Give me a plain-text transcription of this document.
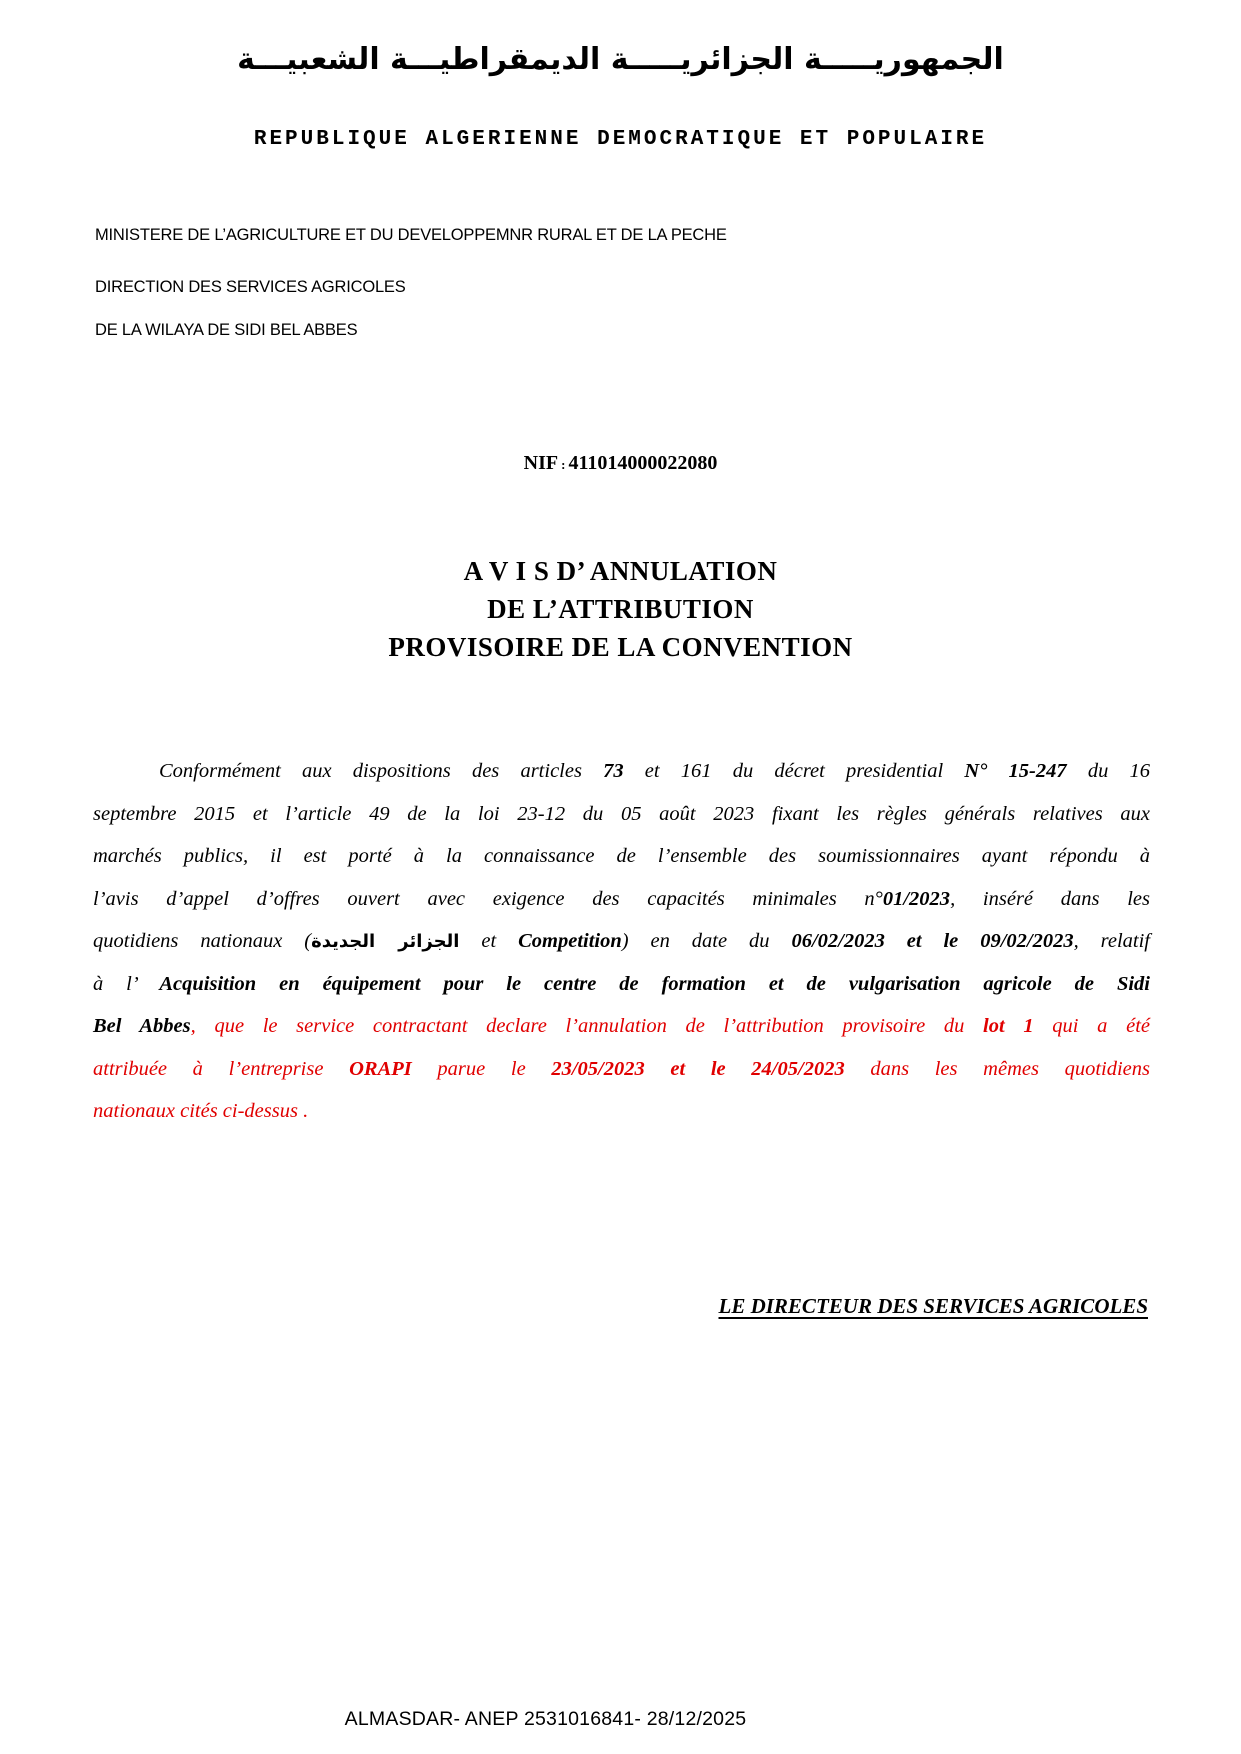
الجمهوريـــــة الجزائريـــــة الديمقراطيـــة الشعبيـــة
REPUBLIQUE ALGERIENNE DEMOCRATIQUE ET POPULAIRE
MINISTERE DE L’AGRICULTURE ET DU DEVELOPPEMNR RURAL ET DE LA PECHE
DIRECTION DES SERVICES AGRICOLES
DE LA WILAYA DE SIDI BEL ABBES
NIF : 411014000022080
A V I S D’ ANNULATION
DE L’ATTRIBUTION
PROVISOIRE DE LA CONVENTION
Conformément aux dispositions des articles 73 et 161 du décret presidential N° 15-247 du 16
septembre 2015 et l’article 49 de la loi 23-12 du 05 août 2023 fixant les règles générals relatives aux
marchés publics, il est porté à la connaissance de l’ensemble des soumissionnaires ayant répondu à
l’avis d’appel d’offres ouvert avec exigence des capacités minimales n°01/2023, inséré dans les
quotidiens nationaux (الجزائر الجديدة et Competition) en date du 06/02/2023 et le 09/02/2023, relatif
à l’ Acquisition en équipement pour le centre de formation et de vulgarisation agricole de Sidi
Bel Abbes, que le service contractant declare l’annulation de l’attribution provisoire du lot 1 qui a été
attribuée à l’entreprise ORAPI parue le 23/05/2023 et le 24/05/2023 dans les mêmes quotidiens
nationaux cités ci-dessus .
LE DIRECTEUR DES SERVICES AGRICOLES
ALMASDAR- ANEP 2531016841- 28/12/2025
